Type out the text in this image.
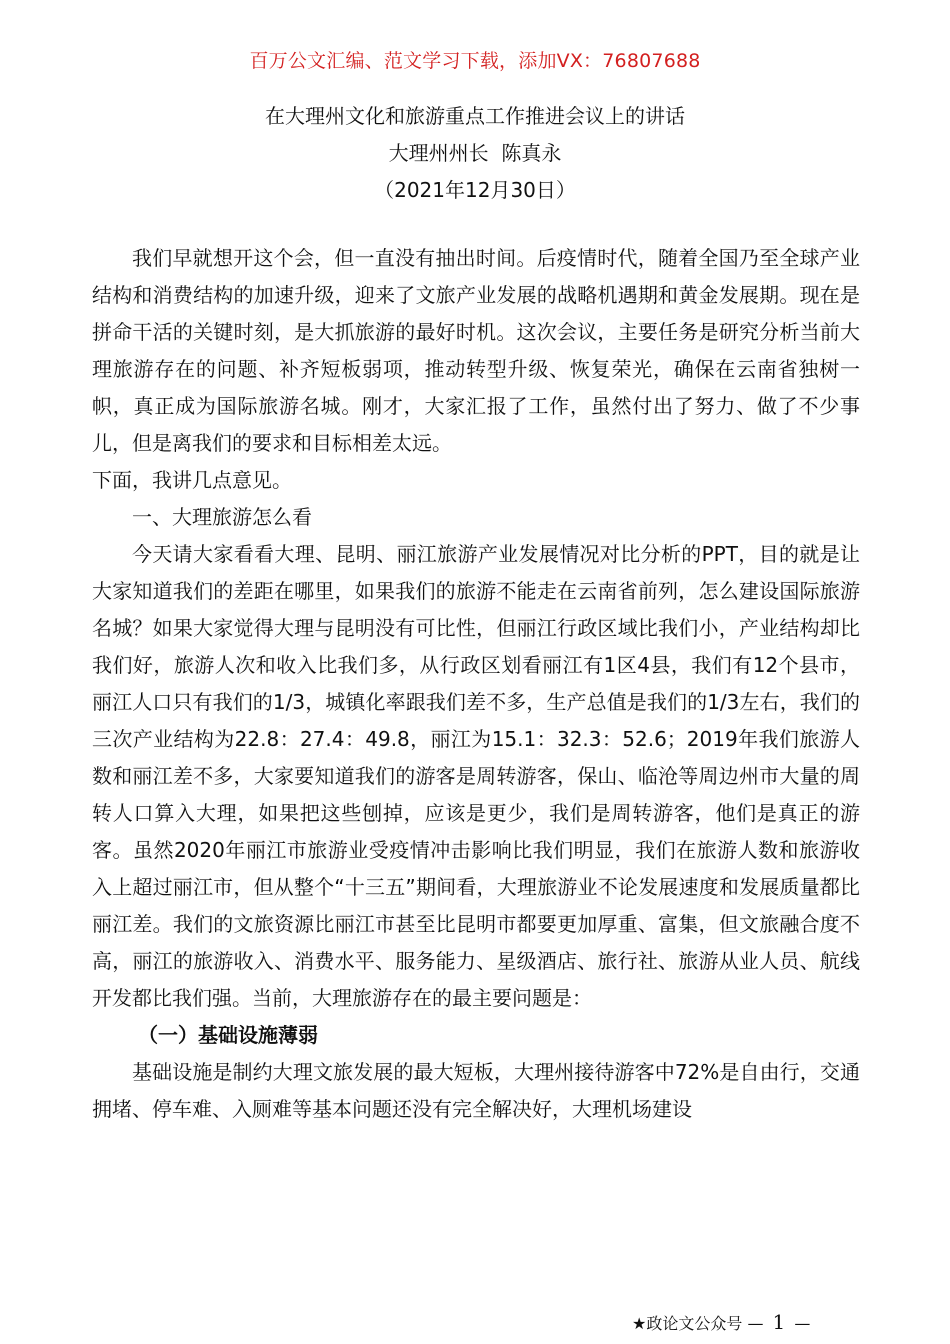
百万公文汇编、范文学习下载，添加VX：76807688
在大理州文化和旅游重点工作推进会议上的讲话
大理州州长  陈真永
（2021年12月30日）

我们早就想开这个会，但一直没有抽出时间。后疫情时代，随着全国乃至全球产业结构和消费结构的加速升级，迎来了文旅产业发展的战略机遇期和黄金发展期。现在是拼命干活的关键时刻，是大抓旅游的最好时机。这次会议，主要任务是研究分析当前大理旅游存在的问题、补齐短板弱项，推动转型升级、恢复荣光，确保在云南省独树一帜，真正成为国际旅游名城。刚才，大家汇报了工作，虽然付出了努力、做了不少事儿，但是离我们的要求和目标相差太远。

下面，我讲几点意见。

一、大理旅游怎么看

今天请大家看看大理、昆明、丽江旅游产业发展情况对比分析的PPT，目的就是让大家知道我们的差距在哪里，如果我们的旅游不能走在云南省前列，怎么建设国际旅游名城？如果大家觉得大理与昆明没有可比性，但丽江行政区域比我们小，产业结构却比我们好，旅游人次和收入比我们多，从行政区划看丽江有1区4县，我们有12个县市，丽江人口只有我们的1/3，城镇化率跟我们差不多，生产总值是我们的1/3左右，我们的三次产业结构为22.8：27.4：49.8，丽江为15.1：32.3：52.6；2019年我们旅游人数和丽江差不多，大家要知道我们的游客是周转游客，保山、临沧等周边州市大量的周转人口算入大理，如果把这些刨掉，应该是更少，我们是周转游客，他们是真正的游客。虽然2020年丽江市旅游业受疫情冲击影响比我们明显，我们在旅游人数和旅游收入上超过丽江市，但从整个“十三五”期间看，大理旅游业不论发展速度和发展质量都比丽江差。我们的文旅资源比丽江市甚至比昆明市都要更加厚重、富集，但文旅融合度不高，丽江的旅游收入、消费水平、服务能力、星级酒店、旅行社、旅游从业人员、航线开发都比我们强。当前，大理旅游存在的最主要问题是：

（一）基础设施薄弱

基础设施是制约大理文旅发展的最大短板，大理州接待游客中72%是自由行，交通拥堵、停车难、入厕难等基本问题还没有完全解决好，大理机场建设

★政论文公众号 — 1 —
